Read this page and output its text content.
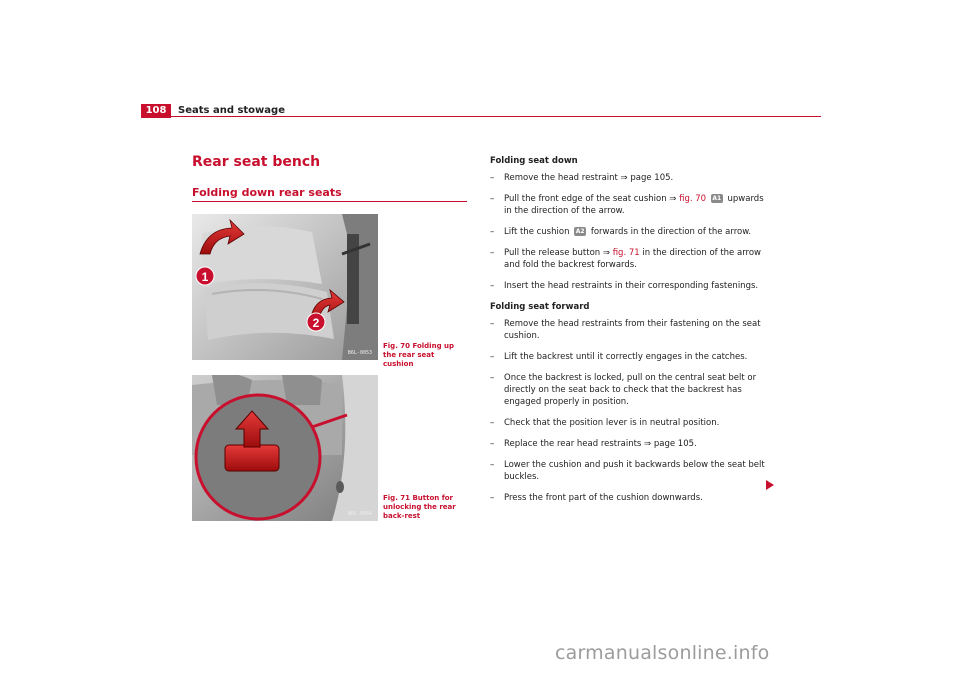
108	Seats and stowage
Rear seat bench
Folding down rear seats
1
2
B6L-0053
Fig. 70 Folding up the rear seat cushion
B6L-0054
Fig. 71 Button for unlocking the rear back-rest
Folding seat down
– Remove the head restraint ⇒ page 105.
– Pull the front edge of the seat cushion ⇒ fig. 70 A1 upwards in the direction of the arrow.
– Lift the cushion A2 forwards in the direction of the arrow.
– Pull the release button ⇒ fig. 71 in the direction of the arrow and fold the backrest forwards.
– Insert the head restraints in their corresponding fastenings.
Folding seat forward
– Remove the head restraints from their fastening on the seat cushion.
– Lift the backrest until it correctly engages in the catches.
– Once the backrest is locked, pull on the central seat belt or directly on the seat back to check that the backrest has engaged properly in position.
– Check that the position lever is in neutral position.
– Replace the rear head restraints ⇒ page 105.
– Lower the cushion and push it backwards below the seat belt buckles.
– Press the front part of the cushion downwards.
carmanualsonline.info
